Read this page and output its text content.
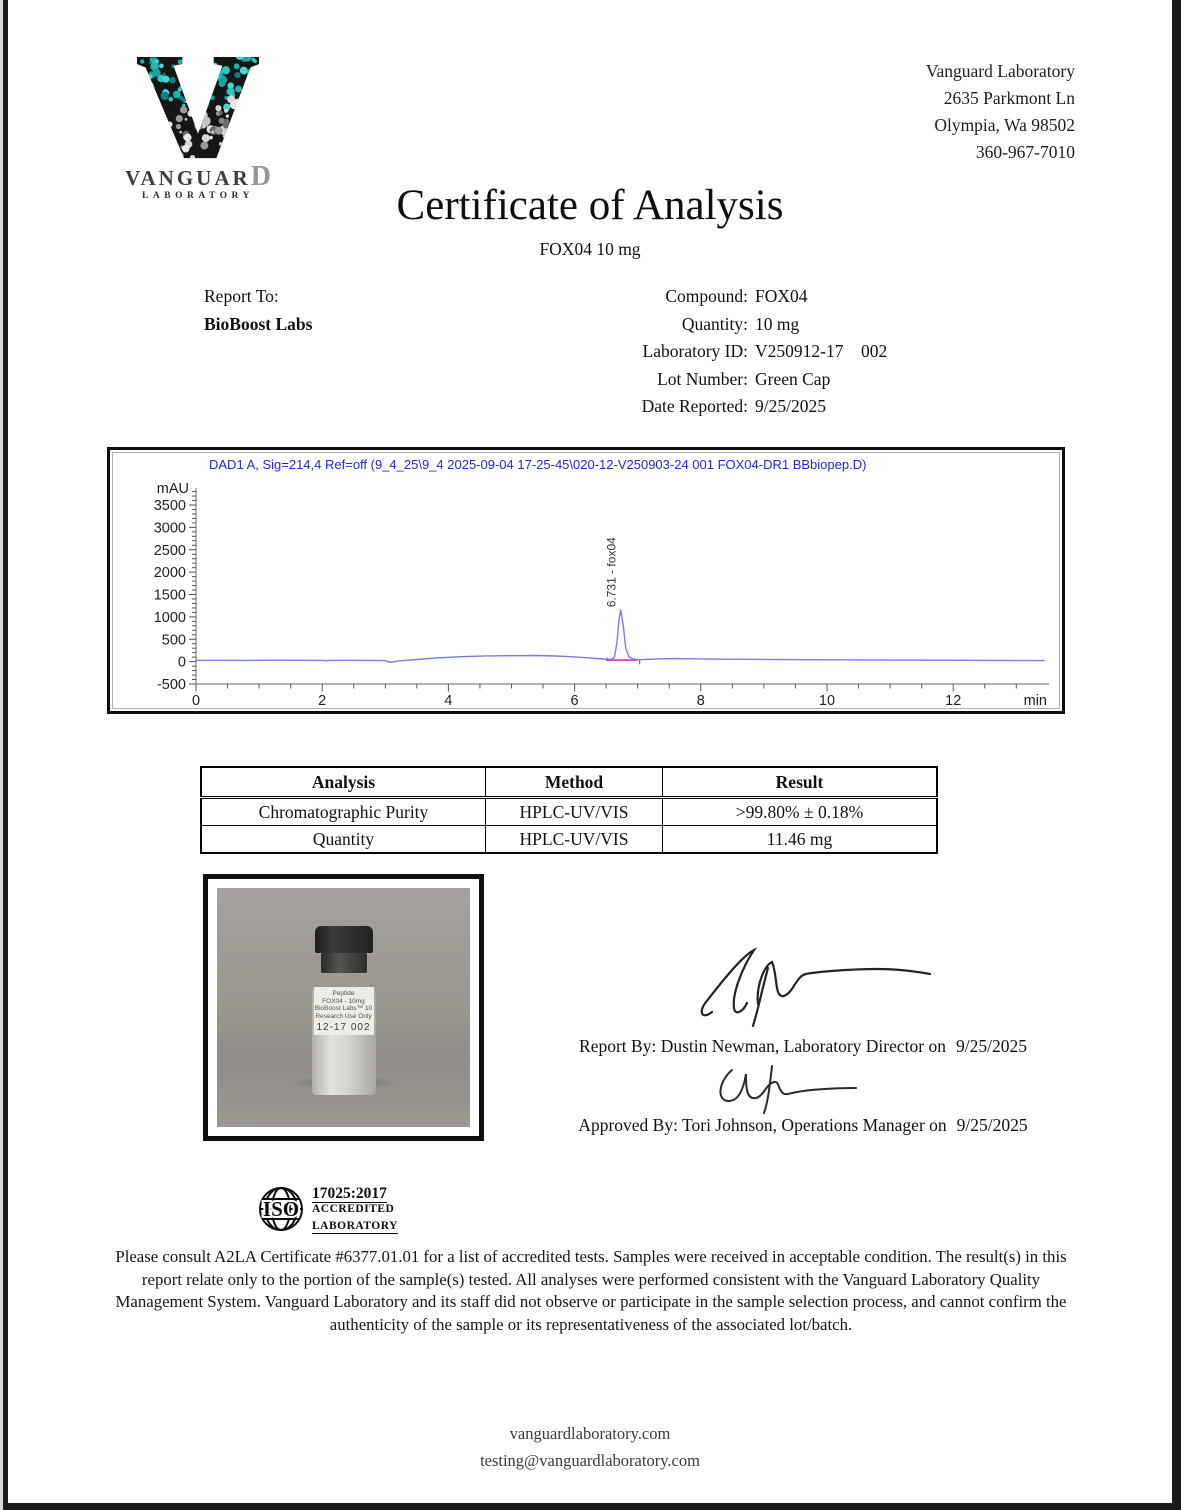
VANGUARD
LABORATORY
Vanguard Laboratory
2635 Parkmont Ln
Olympia, Wa 98502
360-967-7010
Certificate of Analysis
FOX04 10 mg
Report To:
BioBoost Labs
Compound: FOX04
Quantity: 10 mg
Laboratory ID: V250912-17    002
Lot Number: Green Cap
Date Reported: 9/25/2025
DAD1 A, Sig=214,4 Ref=off (9_4_25\9_4 2025-09-04 17-25-45\020-12-V250903-24 001 FOX04-DR1 BBbiopep.D)
3500
3000
2500
2000
1500
1000
500
0
-500
mAU
0	2	4	6	8	10	12	min
6.731 - fox04
Analysis	Method	Result
Chromatographic Purity	HPLC-UV/VIS	>99.80% ± 0.18%
Quantity	HPLC-UV/VIS	11.46 mg
Peptide
FOX04 - 10mg
BioBoost Labs™ 10
Research Use Only
12-17 002
Report By: Dustin Newman, Laboratory Director on 9/25/2025
Approved By: Tori Johnson, Operations Manager on 9/25/2025
ISO
17025:2017
ACCREDITED
LABORATORY
Please consult A2LA Certificate #6377.01.01 for a list of accredited tests. Samples were received in acceptable condition. The result(s) in this report relate only to the portion of the sample(s) tested. All analyses were performed consistent with the Vanguard Laboratory Quality Management System. Vanguard Laboratory and its staff did not observe or participate in the sample selection process, and cannot confirm the authenticity of the sample or its representativeness of the associated lot/batch.
vanguardlaboratory.com
testing@vanguardlaboratory.com
